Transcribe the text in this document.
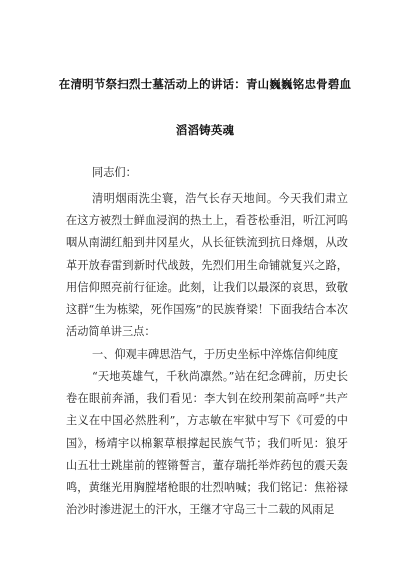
在清明节祭扫烈士墓活动上的讲话：青山巍巍铭忠骨碧血
滔滔铸英魂
同志们：
清明烟雨洗尘寰，浩气长存天地间。今天我们肃立在这方被烈士鲜血浸润的热土上，看苍松垂泪，听江河呜咽从南湖红船到井冈星火，从长征铁流到抗日烽烟，从改革开放春雷到新时代战鼓，先烈们用生命铺就复兴之路，用信仰照亮前行征途。此刻，让我们以最深的哀思，致敬这群“生为栋梁，死作国殇”的民族脊梁！下面我结合本次活动简单讲三点：
一、仰观丰碑思浩气，于历史坐标中淬炼信仰纯度
“天地英雄气，千秋尚凛然。”站在纪念碑前，历史长卷在眼前奔涌，我们看见：李大钊在绞刑架前高呼“共产主义在中国必然胜利”，方志敏在牢狱中写下《可爱的中国》，杨靖宇以棉絮草根撑起民族气节；我们听见：狼牙山五壮士跳崖前的铿锵誓言，董存瑞托举炸药包的震天轰鸣，黄继光用胸膛堵枪眼的壮烈呐喊；我们铭记：焦裕禄治沙时渗进泥土的汗水，王继才守岛三十二载的风雨足
